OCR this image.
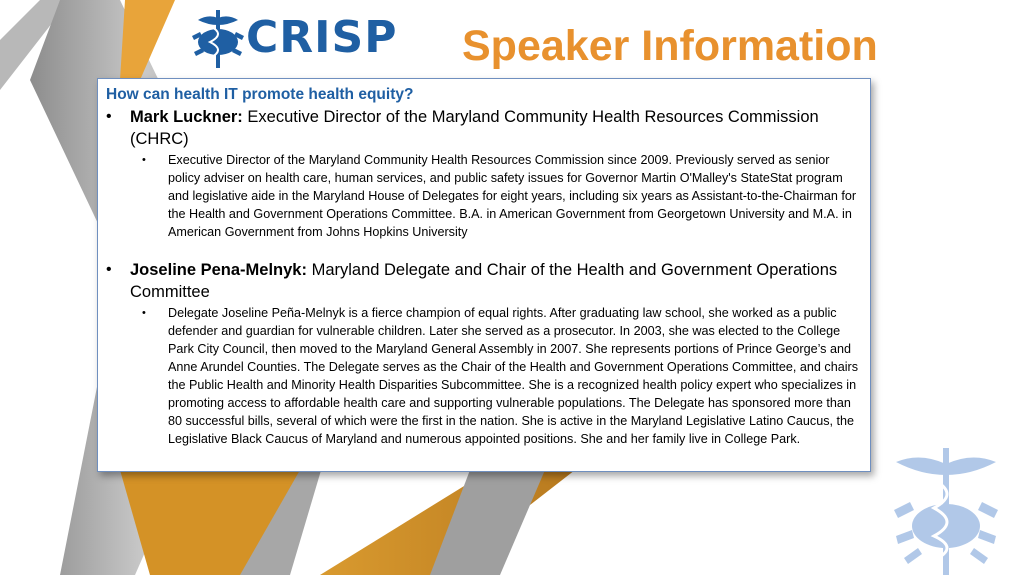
CRISP Speaker Information
How can health IT promote health equity?
• Mark Luckner: Executive Director of the Maryland Community Health Resources Commission (CHRC)
• Executive Director of the Maryland Community Health Resources Commission since 2009. Previously served as senior policy adviser on health care, human services, and public safety issues for Governor Martin O'Malley's StateStat program and legislative aide in the Maryland House of Delegates for eight years, including six years as Assistant-to-the-Chairman for the Health and Government Operations Committee. B.A. in American Government from Georgetown University and M.A. in American Government from Johns Hopkins University
• Joseline Pena-Melnyk: Maryland Delegate and Chair of the Health and Government Operations Committee
• Delegate Joseline Peña-Melnyk is a fierce champion of equal rights. After graduating law school, she worked as a public defender and guardian for vulnerable children. Later she served as a prosecutor. In 2003, she was elected to the College Park City Council, then moved to the Maryland General Assembly in 2007. She represents portions of Prince George’s and Anne Arundel Counties. The Delegate serves as the Chair of the Health and Government Operations Committee, and chairs the Public Health and Minority Health Disparities Subcommittee. She is a recognized health policy expert who specializes in promoting access to affordable health care and supporting vulnerable populations. The Delegate has sponsored more than 80 successful bills, several of which were the first in the nation. She is active in the Maryland Legislative Latino Caucus, the Legislative Black Caucus of Maryland and numerous appointed positions. She and her family live in College Park.
